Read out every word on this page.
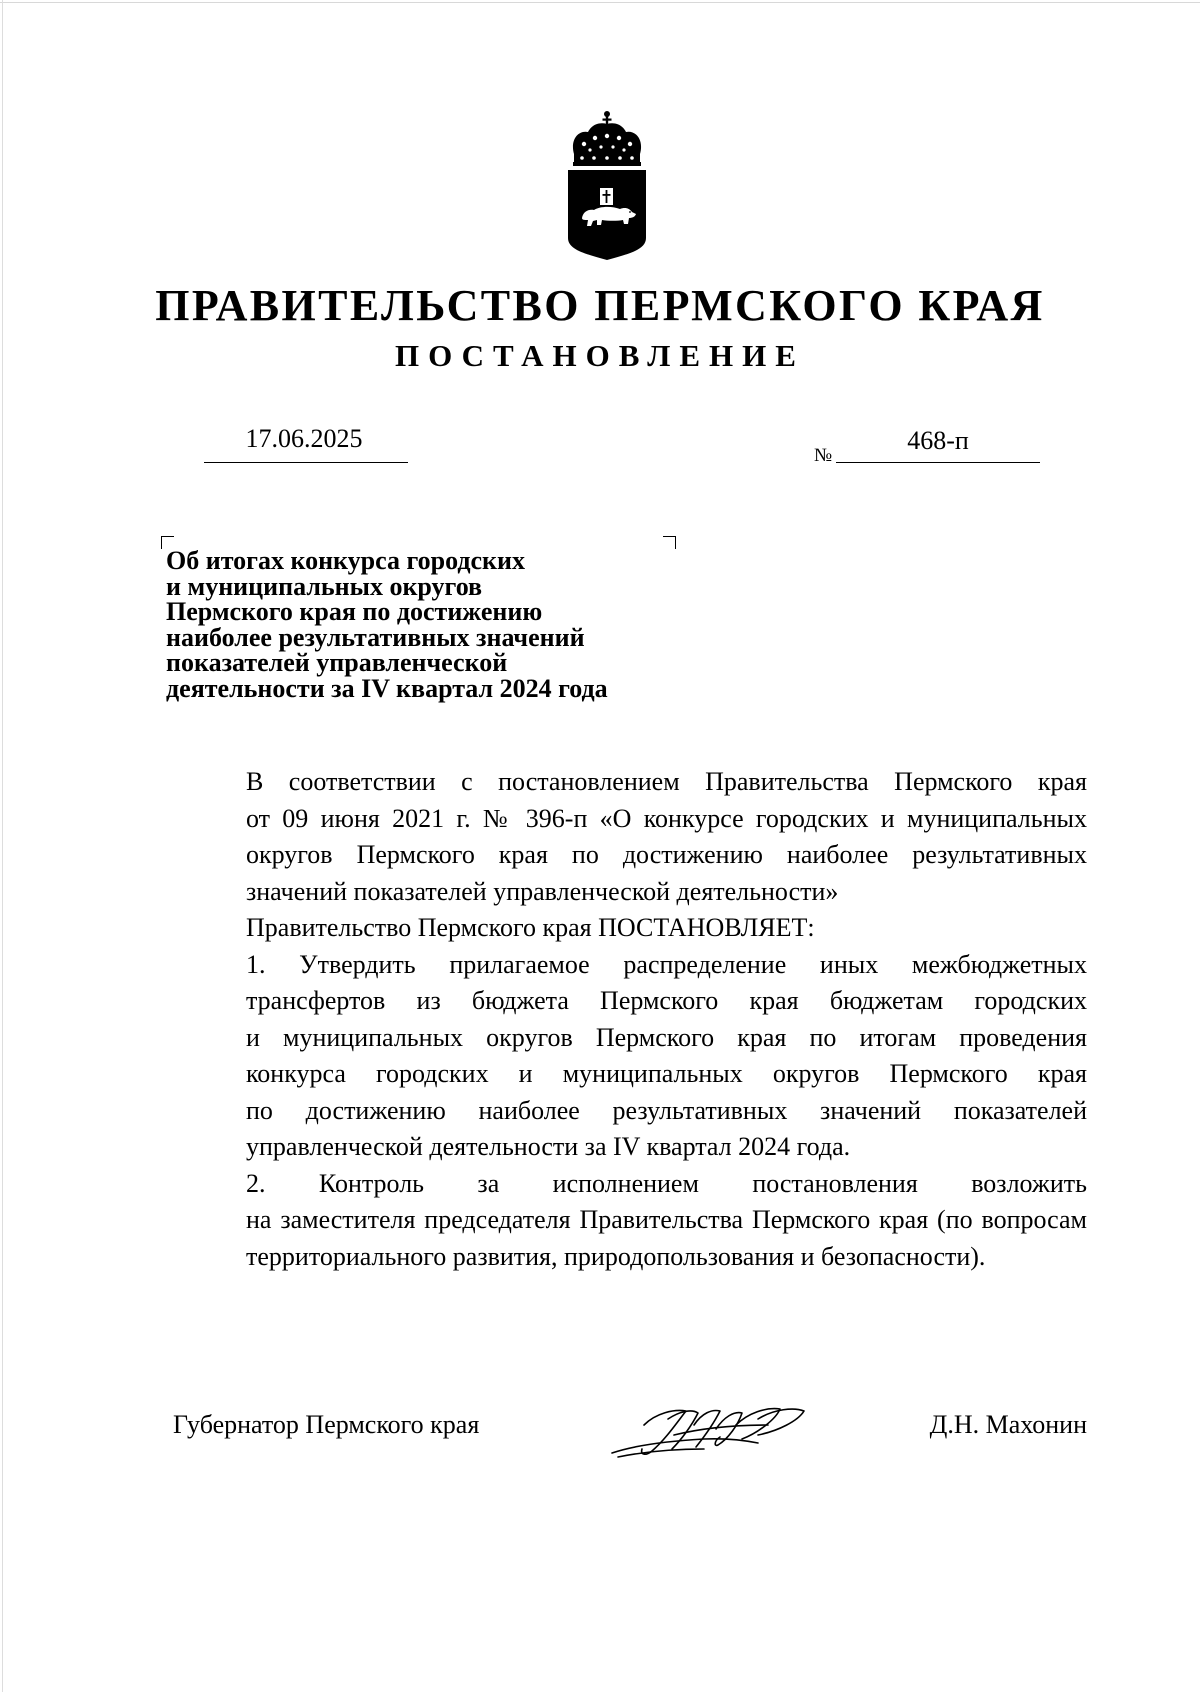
ПРАВИТЕЛЬСТВО ПЕРМСКОГО КРАЯ
ПОСТАНОВЛЕНИЕ
17.06.2025
№
468-п
Об итогах конкурса городских
и муниципальных округов
Пермского края по достижению
наиболее результативных значений
показателей управленческой
деятельности за IV квартал 2024 года

В соответствии с постановлением Правительства Пермского края
от 09 июня 2021 г. № 396-п «О конкурсе городских и муниципальных
округов Пермского края по достижению наиболее результативных
значений показателей управленческой деятельности»

Правительство Пермского края ПОСТАНОВЛЯЕТ:

1. Утвердить прилагаемое распределение иных межбюджетных
трансфертов из бюджета Пермского края бюджетам городских
и муниципальных округов Пермского края по итогам проведения
конкурса городских и муниципальных округов Пермского края
по достижению наиболее результативных значений показателей
управленческой деятельности за IV квартал 2024 года.

2. Контроль за исполнением постановления возложить
на заместителя председателя Правительства Пермского края (по вопросам
территориального развития, природопользования и безопасности).

Губернатор Пермского края	Д.Н. Махонин
